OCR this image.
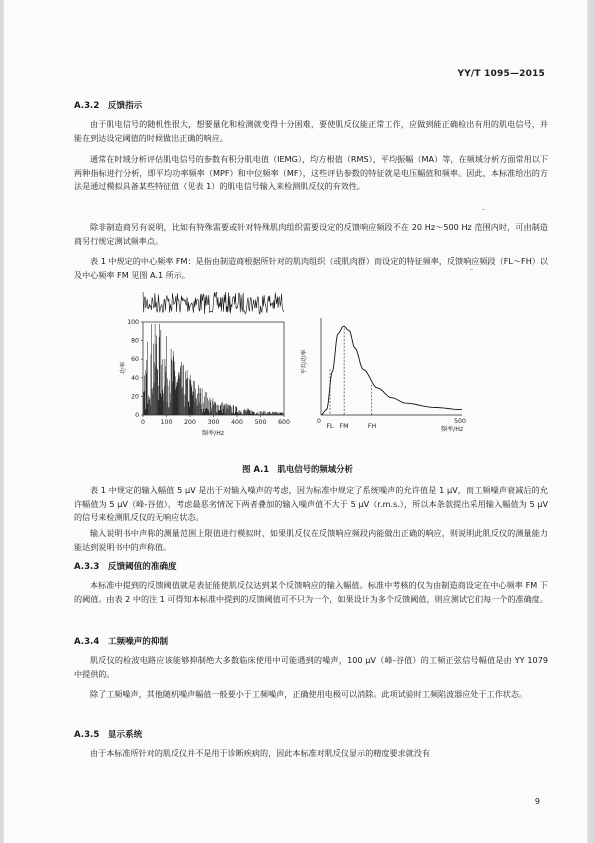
YY/T 1095—2015
A.3.2　反馈指示

由于肌电信号的随机性很大，想要量化和检测就变得十分困难，要使肌反仪能正常工作，应做到能正确检出有用的肌电信号，并能在到达设定阈值的时候做出正确的响应。

通常在时域分析评估肌电信号的参数有积分肌电值（IEMG），均方根值（RMS），平均振幅（MA）等，在频域分析方面常用以下两种指标进行分析，即平均功率频率（MPF）和中位频率（MF），这些评估参数的特征就是电压幅值和频率。因此，本标准给出的方法是通过模拟具备某些特征值（见表 1）的肌电信号输入来检测肌反仪的有效性。

除非制造商另有说明，比如有特殊需要或针对特殊肌肉组织需要设定的反馈响应频段不在 20 Hz～500 Hz 范围内时，可由制造商另行规定测试频率点。

表 1 中规定的中心频率 FM：是指由制造商根据所针对的肌肉组织（或肌肉群）而设定的特征频率，反馈响应频段（FL～FH）以及中心频率 FM 见图 A.1 所示。

100
80
60
40
20
0
0	100 200 300 400 500 600
功率
频率/Hz
平均功率
0	500
FL FM	FH	频率/Hz
图 A.1　肌电信号的频域分析

表 1 中规定的输入幅值 5 μV 是出于对输入噪声的考虑，因为标准中规定了系统噪声的允许值是 1 μV，而工频噪声衰减后的允许幅值为 5 μV（峰-谷值），考虑最恶劣情况下两者叠加的输入噪声值不大于 5 μV（r.m.s.），所以本条款提出采用输入幅值为 5 μV 的信号来检测肌反仪的无响应状态。

输入说明书中声称的测量范围上限值进行模拟时，如果肌反仪在反馈响应频段内能做出正确的响应，则说明此肌反仪的测量能力能达到说明书中的声称值。

A.3.3　反馈阈值的准确度

本标准中提到的反馈阈值就是表征能使肌反仪达到某个反馈响应的输入幅值。标准中考核的仅为由制造商设定在中心频率 FM 下的阈值。由表 2 中的注 1 可得知本标准中提到的反馈阈值可不只为一个，如果设计为多个反馈阈值，则应测试它们每一个的准确度。

A.3.4　工频噪声的抑制

肌反仪的检波电路应该能够抑制绝大多数临床使用中可能遇到的噪声，100 μV（峰-谷值）的工频正弦信号幅值是由 YY 1079 中提供的。

除了工频噪声，其他随机噪声幅值一般要小于工频噪声，正确使用电极可以消除。此项试验时工频陷波器应处于工作状态。

A.3.5　显示系统

由于本标准所针对的肌反仪并不是用于诊断疾病的，因此本标准对肌反仪显示的精度要求就没有

9
